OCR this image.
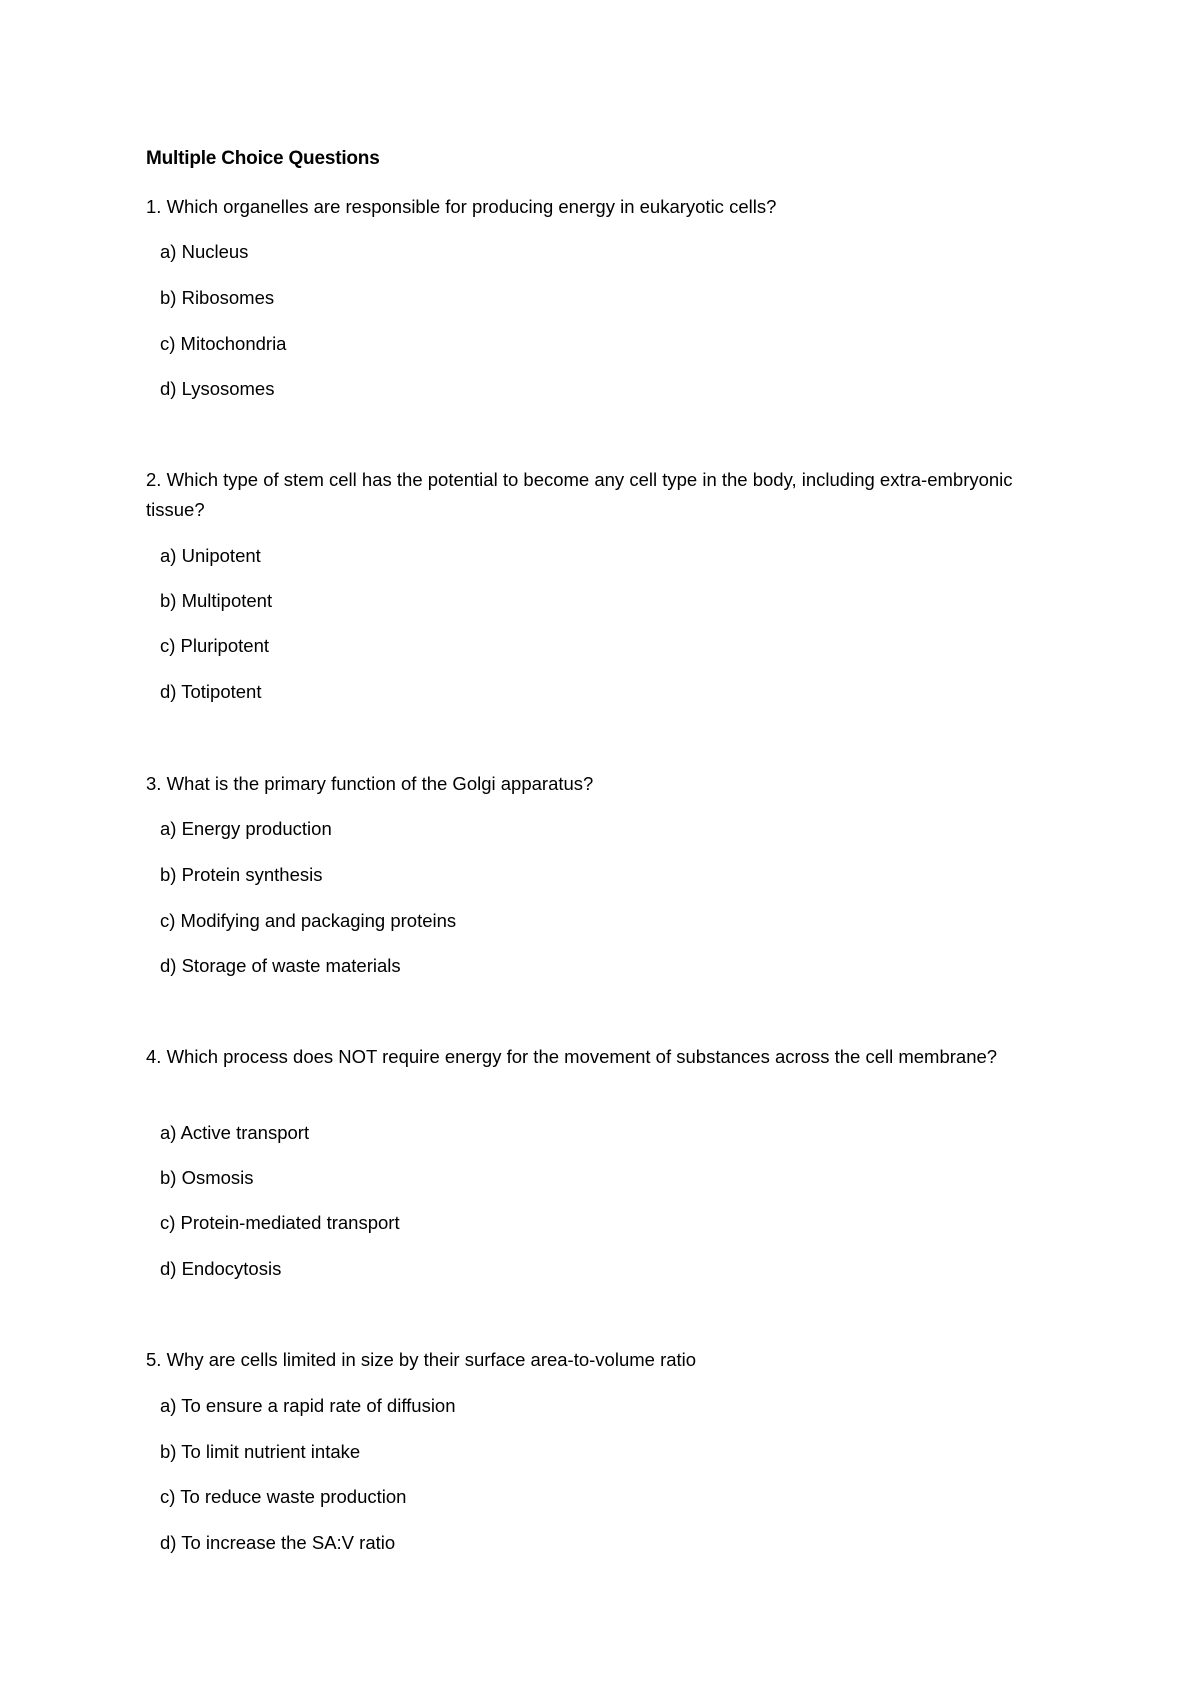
Multiple Choice Questions
1. Which organelles are responsible for producing energy in eukaryotic cells?
a) Nucleus
b) Ribosomes
c) Mitochondria
d) Lysosomes
2. Which type of stem cell has the potential to become any cell type in the body, including extra-embryonic tissue?
a) Unipotent
b) Multipotent
c) Pluripotent
d) Totipotent
3. What is the primary function of the Golgi apparatus?
a) Energy production
b) Protein synthesis
c) Modifying and packaging proteins
d) Storage of waste materials
4. Which process does NOT require energy for the movement of substances across the cell membrane?
a) Active transport
b) Osmosis
c) Protein-mediated transport
d) Endocytosis
5. Why are cells limited in size by their surface area-to-volume ratio
a) To ensure a rapid rate of diffusion
b) To limit nutrient intake
c) To reduce waste production
d) To increase the SA:V ratio
